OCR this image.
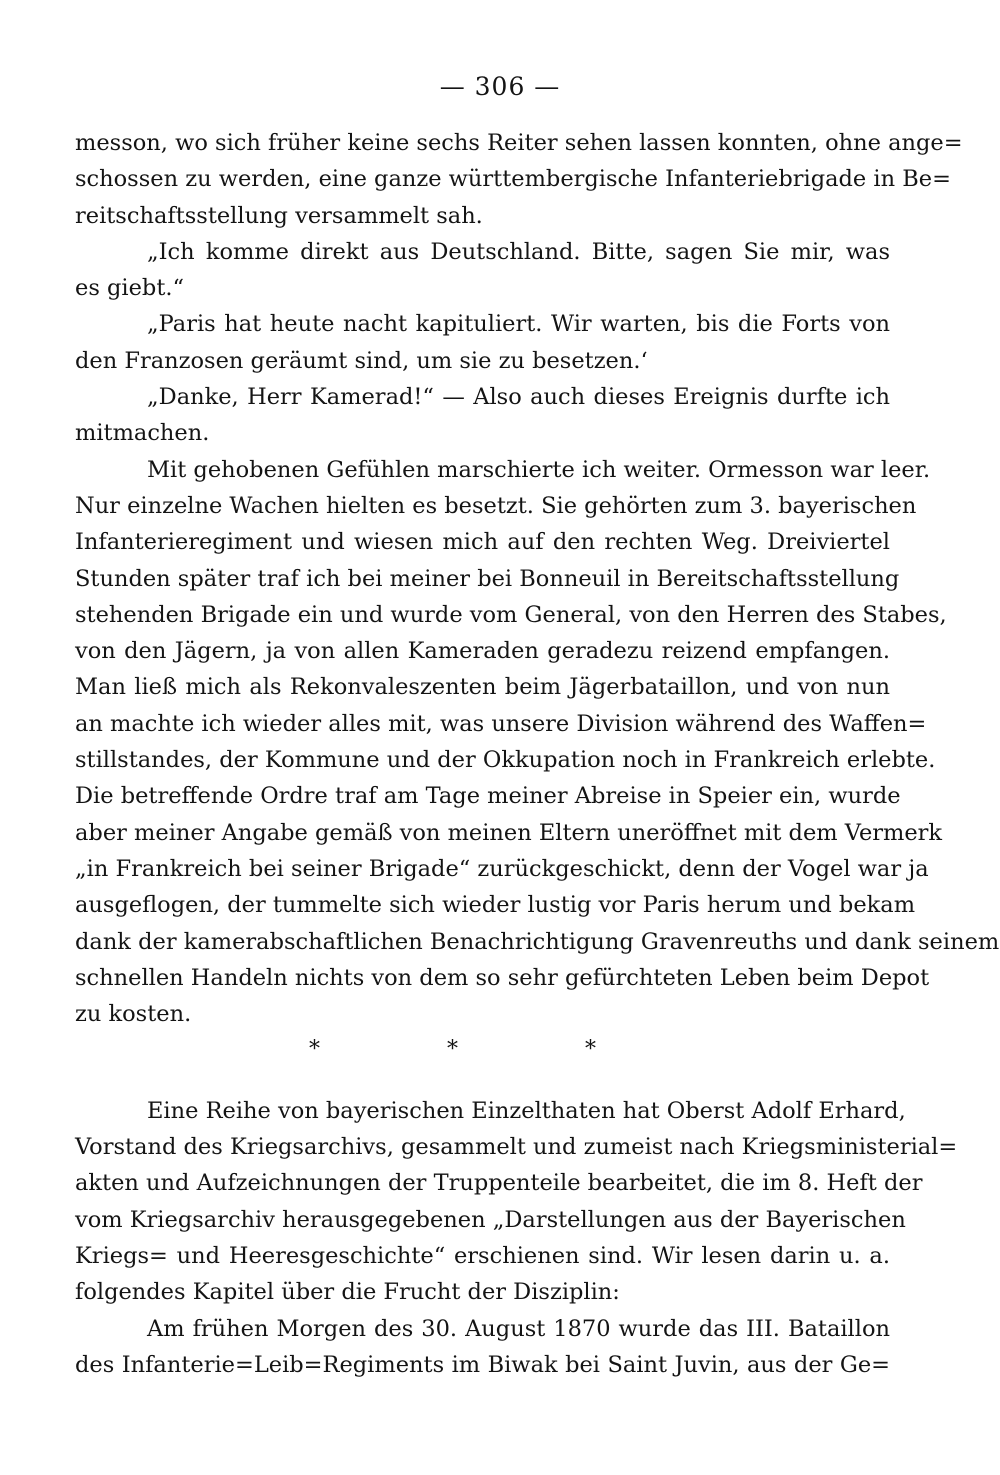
— 306 —
messon, wo sich früher keine sechs Reiter sehen lassen konnten, ohne ange=
schossen zu werden, eine ganze württembergische Infanteriebrigade in Be=
reitschaftsstellung versammelt sah.
„Ich komme direkt aus Deutschland. Bitte, sagen Sie mir, was
es giebt.“
„Paris hat heute nacht kapituliert. Wir warten, bis die Forts von
den Franzosen geräumt sind, um sie zu besetzen.‘
„Danke, Herr Kamerad!“ — Also auch dieses Ereignis durfte ich
mitmachen.
Mit gehobenen Gefühlen marschierte ich weiter. Ormesson war leer.
Nur einzelne Wachen hielten es besetzt. Sie gehörten zum 3. bayerischen
Infanterieregiment und wiesen mich auf den rechten Weg. Dreiviertel
Stunden später traf ich bei meiner bei Bonneuil in Bereitschaftsstellung
stehenden Brigade ein und wurde vom General, von den Herren des Stabes,
von den Jägern, ja von allen Kameraden geradezu reizend empfangen.
Man ließ mich als Rekonvaleszenten beim Jägerbataillon, und von nun
an machte ich wieder alles mit, was unsere Division während des Waffen=
stillstandes, der Kommune und der Okkupation noch in Frankreich erlebte.
Die betreffende Ordre traf am Tage meiner Abreise in Speier ein, wurde
aber meiner Angabe gemäß von meinen Eltern uneröffnet mit dem Vermerk
„in Frankreich bei seiner Brigade“ zurückgeschickt, denn der Vogel war ja
ausgeflogen, der tummelte sich wieder lustig vor Paris herum und bekam
dank der kamerabschaftlichen Benachrichtigung Gravenreuths und dank seinem
schnellen Handeln nichts von dem so sehr gefürchteten Leben beim Depot
zu kosten.
* * *
Eine Reihe von bayerischen Einzelthaten hat Oberst Adolf Erhard,
Vorstand des Kriegsarchivs, gesammelt und zumeist nach Kriegsministerial=
akten und Aufzeichnungen der Truppenteile bearbeitet, die im 8. Heft der
vom Kriegsarchiv herausgegebenen „Darstellungen aus der Bayerischen
Kriegs= und Heeresgeschichte“ erschienen sind. Wir lesen darin u. a.
folgendes Kapitel über die Frucht der Disziplin:
Am frühen Morgen des 30. August 1870 wurde das III. Bataillon
des Infanterie=Leib=Regiments im Biwak bei Saint Juvin, aus der Ge=
